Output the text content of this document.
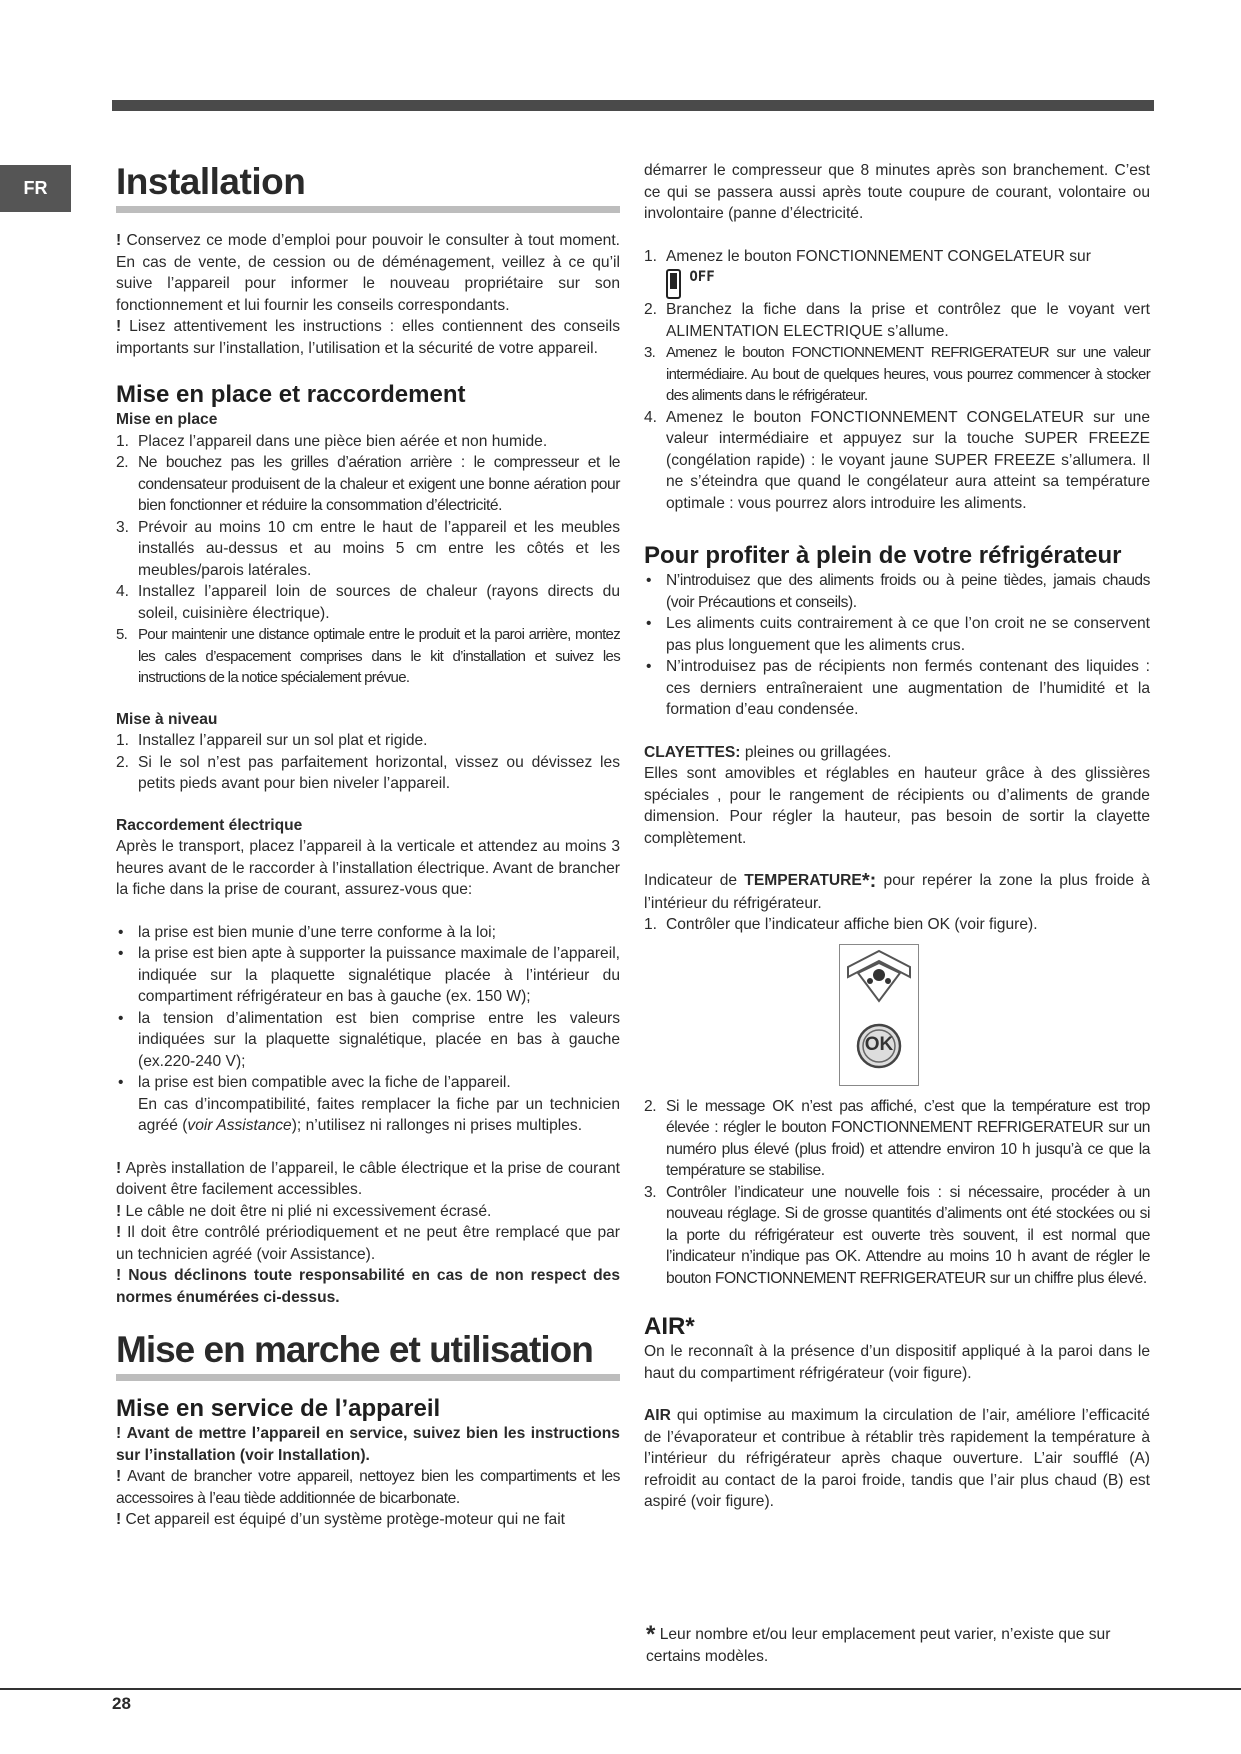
FR	Installation

! Conservez ce mode d’emploi pour pouvoir le consulter à tout moment. En cas de vente, de cession ou de déménagement, veillez à ce qu’il suive l’appareil pour informer le nouveau propriétaire sur son fonctionnement et lui fournir les conseils correspondants.

! Lisez attentivement les instructions : elles contiennent des conseils importants sur l’installation, l’utilisation et la sécurité de votre appareil.

Mise en place et raccordement
Mise en place
1. Placez l’appareil dans une pièce bien aérée et non humide.
2. Ne bouchez pas les grilles d’aération arrière : le compresseur et le condensateur produisent de la chaleur et exigent une bonne aération pour bien fonctionner et réduire la consommation d’électricité.
3. Prévoir au moins 10 cm entre le haut de l’appareil et les meubles installés au-dessus et au moins 5 cm entre les côtés et les meubles/parois latérales.
4. Installez l’appareil loin de sources de chaleur (rayons directs du soleil, cuisinière électrique).
5. Pour maintenir une distance optimale entre le produit et la paroi arrière, montez les cales d’espacement comprises dans le kit d’installation et suivez les instructions de la notice spécialement prévue.
Mise à niveau
1. Installez l’appareil sur un sol plat et rigide.
2. Si le sol n’est pas parfaitement horizontal, vissez ou dévissez les petits pieds avant pour bien niveler l’appareil.
Raccordement électrique

Après le transport, placez l’appareil à la verticale et attendez au moins 3 heures avant de le raccorder à l’installation électrique. Avant de brancher la fiche dans la prise de courant, assurez-vous que:

• la prise est bien munie d’une terre conforme à la loi;
• la prise est bien apte à supporter la puissance maximale de l’appareil, indiquée sur la plaquette signalétique placée à l’intérieur du compartiment réfrigérateur en bas à gauche (ex. 150 W);
• la tension d’alimentation est bien comprise entre les valeurs indiquées sur la plaquette signalétique, placée en bas à gauche (ex.220-240 V);
• la prise est bien compatible avec la fiche de l’appareil.
En cas d’incompatibilité, faites remplacer la fiche par un technicien agréé (voir Assistance); n’utilisez ni rallonges ni prises multiples.

! Après installation de l’appareil, le câble électrique et la prise de courant doivent être facilement accessibles.

! Le câble ne doit être ni plié ni excessivement écrasé.

! Il doit être contrôlé prériodiquement et ne peut être remplacé que par un technicien agréé (voir Assistance).

! Nous déclinons toute responsabilité en cas de non respect des normes énumérées ci-dessus.

Mise en marche et utilisation
Mise en service de l’appareil

! Avant de mettre l’appareil en service, suivez bien les instructions sur l’installation (voir Installation).

! Avant de brancher votre appareil, nettoyez bien les compartiments et les accessoires à l’eau tiède additionnée de bicarbonate.

! Cet appareil est équipé d’un système protège-moteur qui ne fait

démarrer le compresseur que 8 minutes après son branchement. C’est ce qui se passera aussi après toute coupure de courant, volontaire ou involontaire (panne d’électricité.

1. Amenez le bouton FONCTIONNEMENT CONGELATEUR sur

OFF
2. Branchez la fiche dans la prise et contrôlez que le voyant vert ALIMENTATION ELECTRIQUE s’allume.
3. Amenez le bouton FONCTIONNEMENT REFRIGERATEUR sur une valeur intermédiaire. Au bout de quelques heures, vous pourrez commencer à stocker des aliments dans le réfrigérateur.
4. Amenez le bouton FONCTIONNEMENT CONGELATEUR sur une valeur intermédiaire et appuyez sur la touche SUPER FREEZE (congélation rapide) : le voyant jaune SUPER FREEZE s’allumera. Il ne s’éteindra que quand le congélateur aura atteint sa température optimale : vous pourrez alors introduire les aliments.
Pour profiter à plein de votre réfrigérateur
• N’introduisez que des aliments froids ou à peine tièdes, jamais chauds (voir Précautions et conseils).
• Les aliments cuits contrairement à ce que l’on croit ne se conservent pas plus longuement que les aliments crus.
• N’introduisez pas de récipients non fermés contenant des liquides : ces derniers entraîneraient une augmentation de l’humidité et la formation d’eau condensée.

CLAYETTES: pleines ou grillagées.

Elles sont amovibles et réglables en hauteur grâce à des glissières spéciales , pour le rangement de récipients ou d’aliments de grande dimension. Pour régler la hauteur, pas besoin de sortir la clayette complètement.

Indicateur de TEMPERATURE*: pour repérer la zone la plus froide à l’intérieur du réfrigérateur.

1. Contrôler que l’indicateur affiche bien OK (voir figure).
OK
2. Si le message OK n’est pas affiché, c’est que la température est trop élevée : régler le bouton FONCTIONNEMENT REFRIGERATEUR sur un numéro plus élevé (plus froid) et attendre environ 10 h jusqu’à ce que la température se stabilise.
3. Contrôler l’indicateur une nouvelle fois : si nécessaire, procéder à un nouveau réglage. Si de grosse quantités d’aliments ont été stockées ou si la porte du réfrigérateur est ouverte très souvent, il est normal que l’indicateur n’indique pas OK. Attendre au moins 10 h avant de régler le bouton FONCTIONNEMENT REFRIGERATEUR sur un chiffre plus élevé.
AIR*

On le reconnaît à la présence d’un dispositif appliqué à la paroi dans le haut du compartiment réfrigérateur (voir figure).

AIR qui optimise au maximum la circulation de l’air, améliore l’efficacité de l’évaporateur et contribue à rétablir très rapidement la température à l’intérieur du réfrigérateur après chaque ouverture. L’air soufflé (A) refroidit au contact de la paroi froide, tandis que l’air plus chaud (B) est aspiré (voir figure).

* Leur nombre et/ou leur emplacement peut varier, n’existe que sur certains modèles.
28
